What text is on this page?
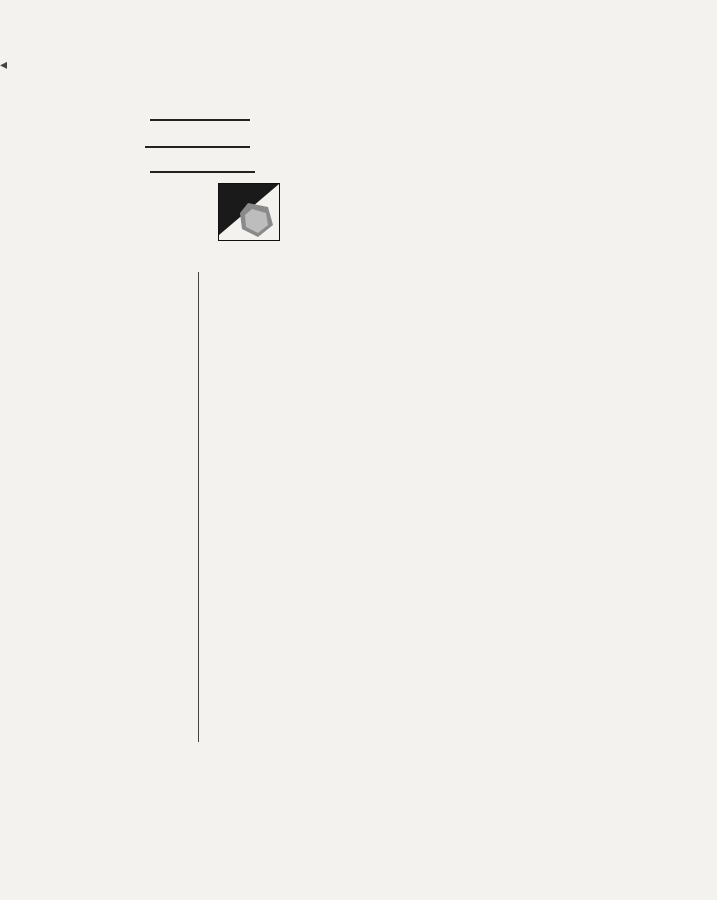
◂
